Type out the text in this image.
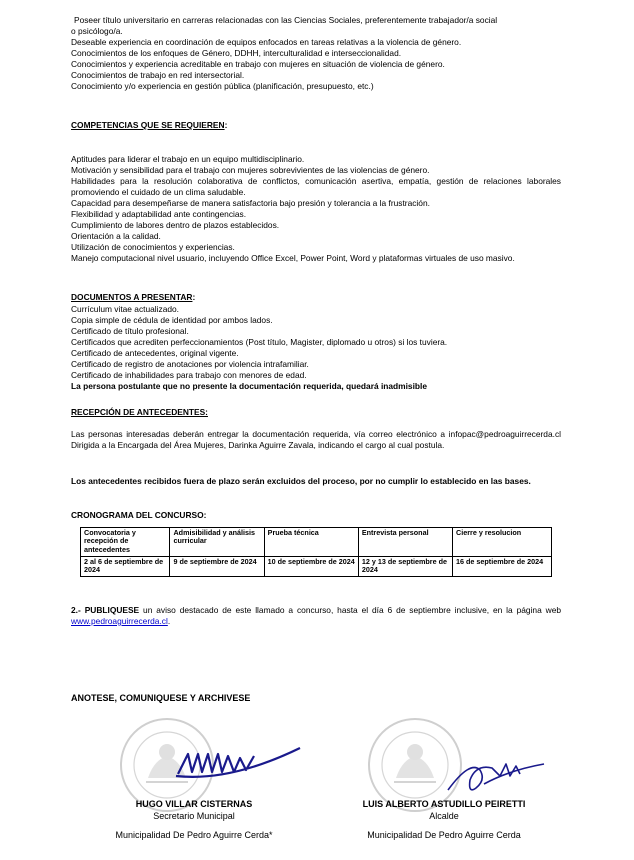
Poseer título universitario en carreras relacionadas con las Ciencias Sociales, preferentemente trabajador/a social
o psicólogo/a.
Deseable experiencia en coordinación de equipos enfocados en tareas relativas a la violencia de género.
Conocimientos de los enfoques de Género, DDHH, interculturalidad e interseccionalidad.
Conocimientos y experiencia acreditable en trabajo con mujeres en situación de violencia de género.
Conocimientos de trabajo en red intersectorial.
Conocimiento y/o experiencia en gestión pública (planificación, presupuesto, etc.)
COMPETENCIAS QUE SE REQUIEREN:
Aptitudes para liderar el trabajo en un equipo multidisciplinario.
Motivación y sensibilidad para el trabajo con mujeres sobrevivientes de las violencias de género.
Habilidades para la resolución colaborativa de conflictos, comunicación asertiva, empatía, gestión de relaciones laborales promoviendo el cuidado de un clima saludable.
Capacidad para desempeñarse de manera satisfactoria bajo presión y tolerancia a la frustración.
Flexibilidad y adaptabilidad ante contingencias.
Cumplimiento de labores dentro de plazos establecidos.
Orientación a la calidad.
Utilización de conocimientos y experiencias.
Manejo computacional nivel usuario, incluyendo Office Excel, Power Point, Word y plataformas virtuales de uso masivo.
DOCUMENTOS A PRESENTAR:
Currículum vitae actualizado.
Copia simple de cédula de identidad por ambos lados.
Certificado de título profesional.
Certificados que acrediten perfeccionamientos (Post título, Magister, diplomado u otros) si los tuviera.
Certificado de antecedentes, original vigente.
Certificado de registro de anotaciones por violencia intrafamiliar.
Certificado de inhabilidades para trabajo con menores de edad.
La persona postulante que no presente la documentación requerida, quedará inadmisible
RECEPCIÓN DE ANTECEDENTES:
Las personas interesadas deberán entregar la documentación requerida, vía correo electrónico a infopac@pedroaguirrecerda.cl Dirigida a la Encargada del Área Mujeres, Darinka Aguirre Zavala, indicando el cargo al cual postula.
Los antecedentes recibidos fuera de plazo serán excluidos del proceso, por no cumplir lo establecido en las bases.
CRONOGRAMA DEL CONCURSO:
Convocatoria y recepción de antecedentes	Admisibilidad y análisis curricular	Prueba técnica	Entrevista personal	Cierre y resolucion
2 al 6 de septiembre de 2024	9 de septiembre de 2024	10 de septiembre de 2024	12 y 13 de septiembre de 2024	16 de septiembre de 2024
2.- PUBLIQUESE un aviso destacado de este llamado a concurso, hasta el día 6 de septiembre inclusive, en la página web www.pedroaguirrecerda.cl.
ANOTESE, COMUNIQUESE Y ARCHIVESE
HUGO VILLAR CISTERNAS
Secretario Municipal
Municipalidad De Pedro Aguirre Cerda*
LUIS ALBERTO ASTUDILLO PEIRETTI
Alcalde
Municipalidad De Pedro Aguirre Cerda
